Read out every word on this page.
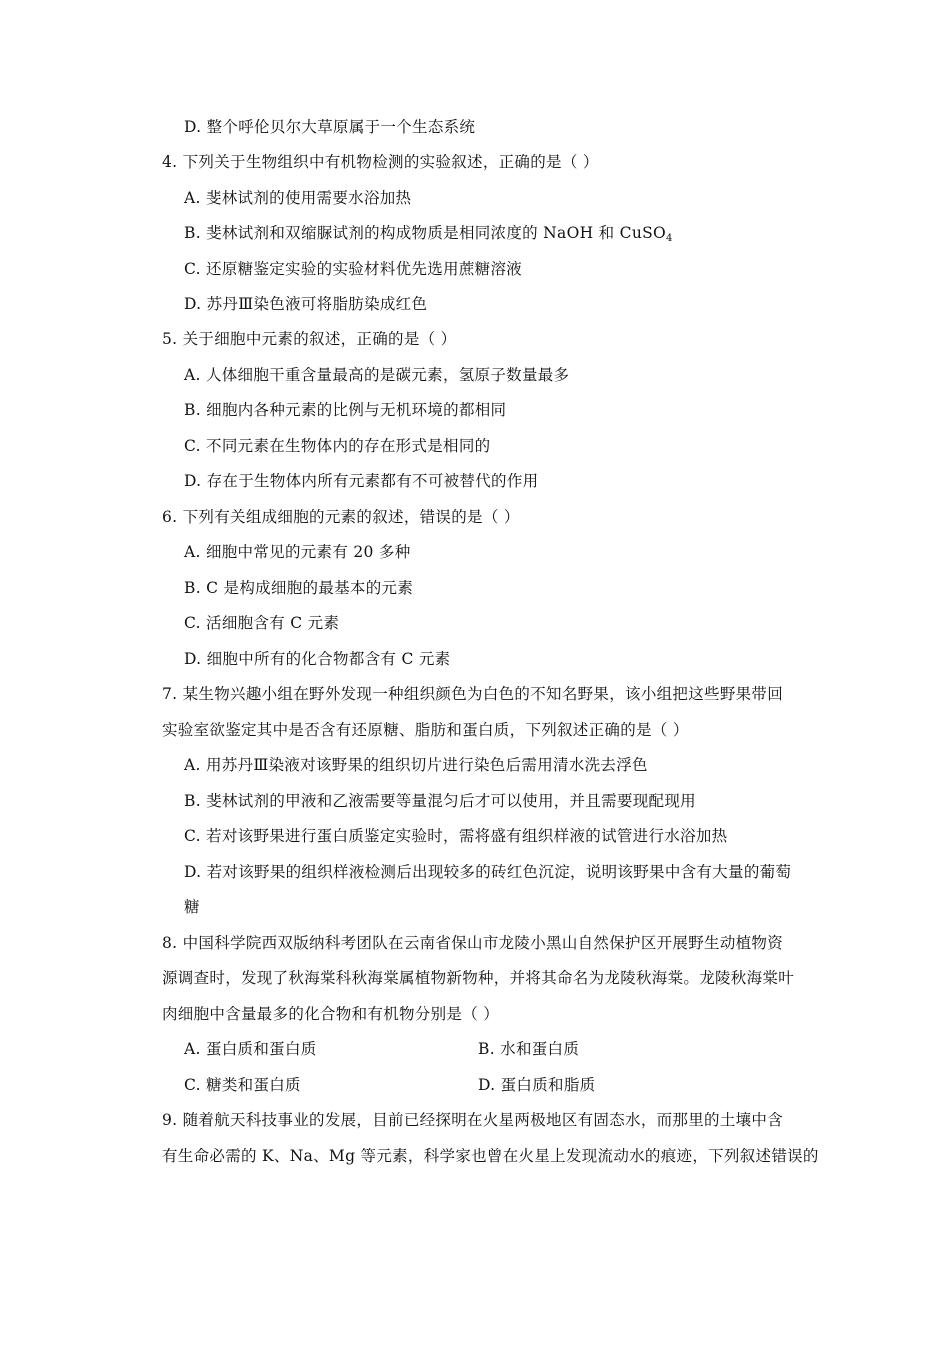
D. 整个呼伦贝尔大草原属于一个生态系统
4. 下列关于生物组织中有机物检测的实验叙述，正确的是（ ）
A. 斐林试剂的使用需要水浴加热
B. 斐林试剂和双缩脲试剂的构成物质是相同浓度的 NaOH 和 CuSO$_4$
C. 还原糖鉴定实验的实验材料优先选用蔗糖溶液
D. 苏丹Ⅲ染色液可将脂肪染成红色
5. 关于细胞中元素的叙述，正确的是（ ）
A. 人体细胞干重含量最高的是碳元素，氢原子数量最多
B. 细胞内各种元素的比例与无机环境的都相同
C. 不同元素在生物体内的存在形式是相同的
D. 存在于生物体内所有元素都有不可被替代的作用
6. 下列有关组成细胞的元素的叙述，错误的是（ ）
A. 细胞中常见的元素有 20 多种
B. C 是构成细胞的最基本的元素
C. 活细胞含有 C 元素
D. 细胞中所有的化合物都含有 C 元素
7. 某生物兴趣小组在野外发现一种组织颜色为白色的不知名野果，该小组把这些野果带回
实验室欲鉴定其中是否含有还原糖、脂肪和蛋白质，下列叙述正确的是（ ）
A. 用苏丹Ⅲ染液对该野果的组织切片进行染色后需用清水洗去浮色
B. 斐林试剂的甲液和乙液需要等量混匀后才可以使用，并且需要现配现用
C. 若对该野果进行蛋白质鉴定实验时，需将盛有组织样液的试管进行水浴加热
D. 若对该野果的组织样液检测后出现较多的砖红色沉淀，说明该野果中含有大量的葡萄
糖
8. 中国科学院西双版纳科考团队在云南省保山市龙陵小黑山自然保护区开展野生动植物资
源调查时，发现了秋海棠科秋海棠属植物新物种，并将其命名为龙陵秋海棠。龙陵秋海棠叶
肉细胞中含量最多的化合物和有机物分别是（ ）
A. 蛋白质和蛋白质	B. 水和蛋白质
C. 糖类和蛋白质	D. 蛋白质和脂质
9. 随着航天科技事业的发展，目前已经探明在火星两极地区有固态水，而那里的土壤中含
有生命必需的 K、Na、Mg 等元素，科学家也曾在火星上发现流动水的痕迹，下列叙述错误的
